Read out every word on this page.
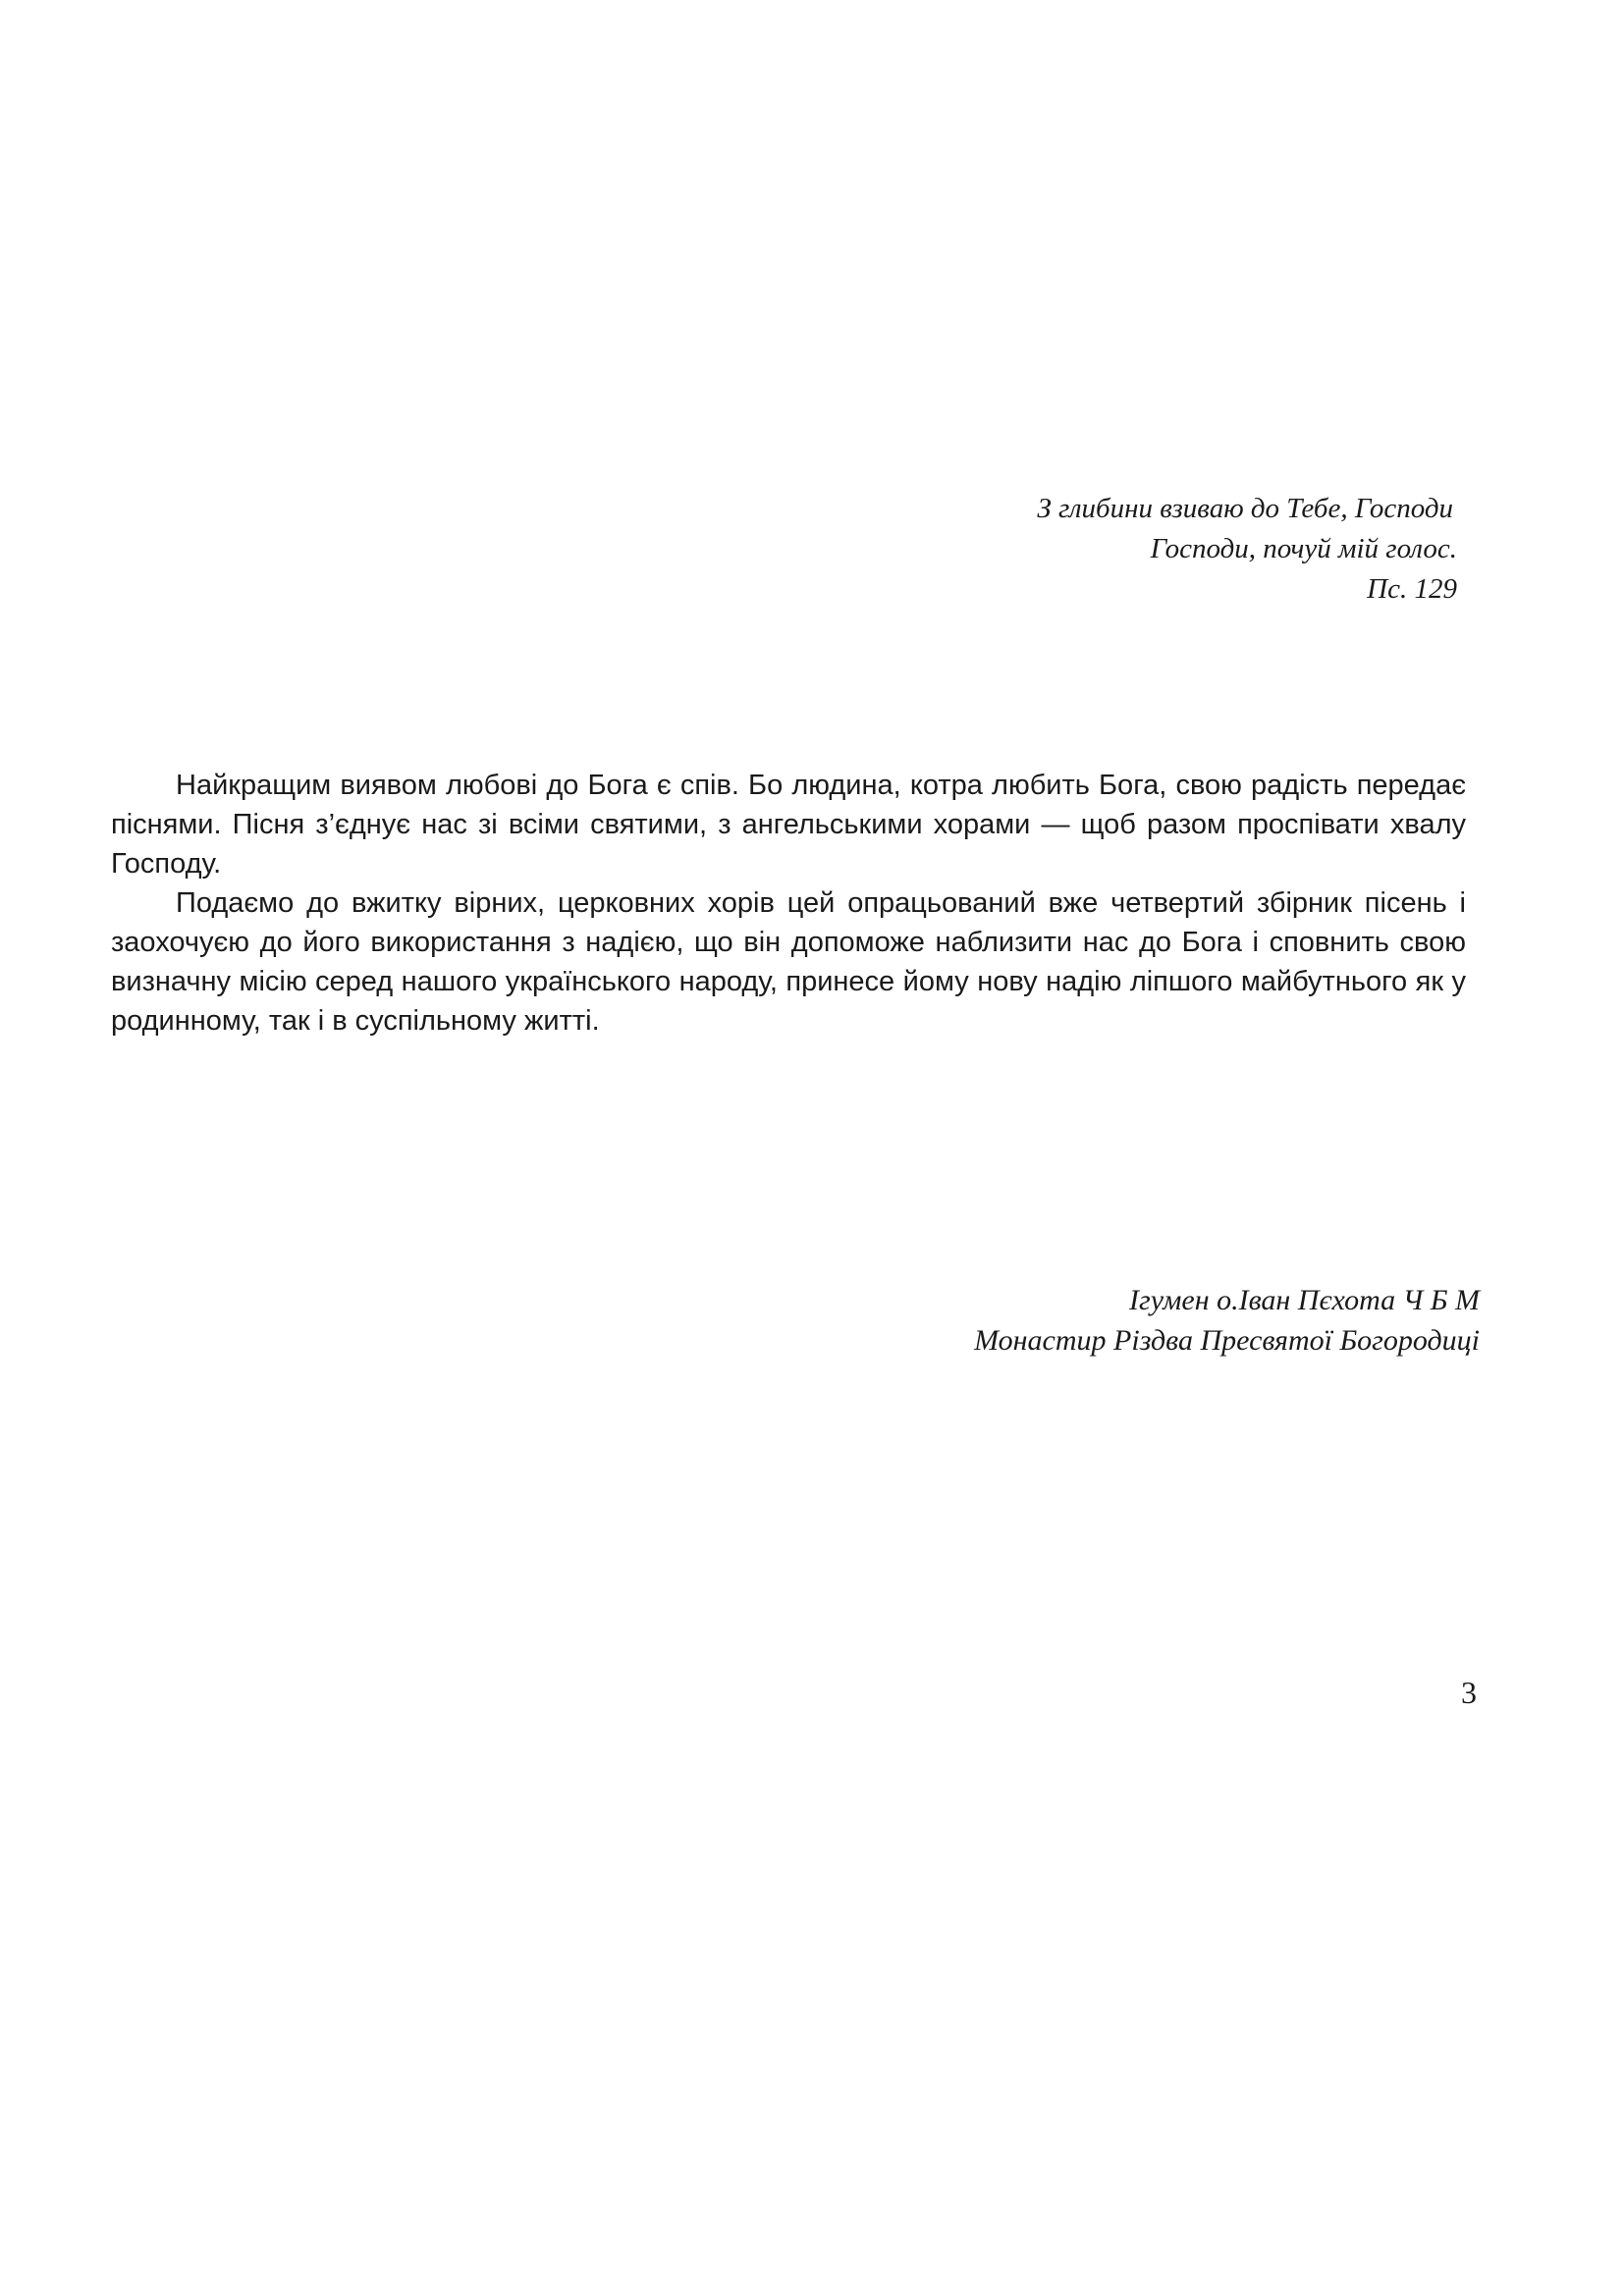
З глибини взиваю до Тебе, Господи
Господи, почуй мій голос.
Пс. 129

Найкращим виявом любові до Бога є спів. Бо людина, котра любить Бога, свою радість передає піснями. Пісня з’єднує нас зі всіми святими, з ангельськими хорами — щоб разом проспівати хвалу Господу.

Подаємо до вжитку вірних, церковних хорів цей опрацьований вже четвертий збірник пісень і заохочуєю до його використання з надією, що він допоможе наблизити нас до Бога і сповнить свою визначну місію серед нашого українського народу, принесе йому нову надію ліпшого майбутнього як у родинному, так і в суспільному житті.

Ігумен о.Іван Пєхота Ч Б М
Монастир Різдва Пресвятої Богородиці
3
